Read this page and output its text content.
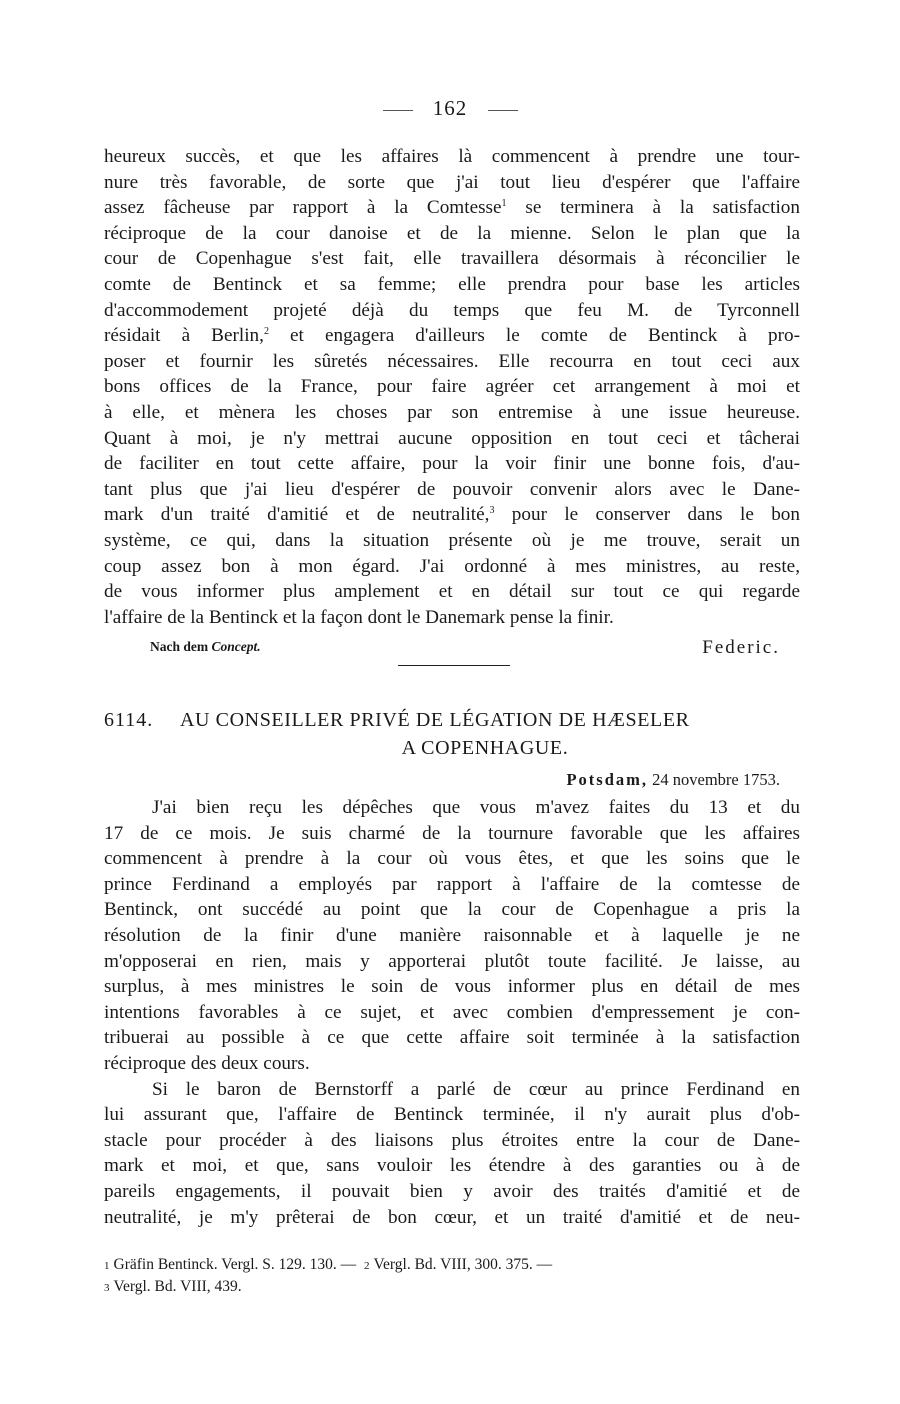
162
heureux succès, et que les affaires là commencent à prendre une tour-
nure très favorable, de sorte que j'ai tout lieu d'espérer que l'affaire
assez fâcheuse par rapport à la Comtesse$^1$ se terminera à la satisfaction
réciproque de la cour danoise et de la mienne. Selon le plan que la
cour de Copenhague s'est fait, elle travaillera désormais à réconcilier le
comte de Bentinck et sa femme; elle prendra pour base les articles
d'accommodement projeté déjà du temps que feu M. de Tyrconnell
résidait à Berlin,$^2$ et engagera d'ailleurs le comte de Bentinck à pro-
poser et fournir les sûretés nécessaires. Elle recourra en tout ceci aux
bons offices de la France, pour faire agréer cet arrangement à moi et
à elle, et mènera les choses par son entremise à une issue heureuse.
Quant à moi, je n'y mettrai aucune opposition en tout ceci et tâcherai
de faciliter en tout cette affaire, pour la voir finir une bonne fois, d'au-
tant plus que j'ai lieu d'espérer de pouvoir convenir alors avec le Dane-
mark d'un traité d'amitié et de neutralité,$^3$ pour le conserver dans le bon
système, ce qui, dans la situation présente où je me trouve, serait un
coup assez bon à mon égard. J'ai ordonné à mes ministres, au reste,
de vous informer plus amplement et en détail sur tout ce qui regarde
l'affaire de la Bentinck et la façon dont le Danemark pense la finir.
Nach dem Concept.	Federic.
6114. AU CONSEILLER PRIVÉ DE LÉGATION DE HÆSELER
A COPENHAGUE.
Potsdam, 24 novembre 1753.
J'ai bien reçu les dépêches que vous m'avez faites du 13 et du
17 de ce mois. Je suis charmé de la tournure favorable que les affaires
commencent à prendre à la cour où vous êtes, et que les soins que le
prince Ferdinand a employés par rapport à l'affaire de la comtesse de
Bentinck, ont succédé au point que la cour de Copenhague a pris la
résolution de la finir d'une manière raisonnable et à laquelle je ne
m'opposerai en rien, mais y apporterai plutôt toute facilité. Je laisse, au
surplus, à mes ministres le soin de vous informer plus en détail de mes
intentions favorables à ce sujet, et avec combien d'empressement je con-
tribuerai au possible à ce que cette affaire soit terminée à la satisfaction
réciproque des deux cours.
Si le baron de Bernstorff a parlé de cœur au prince Ferdinand en
lui assurant que, l'affaire de Bentinck terminée, il n'y aurait plus d'ob-
stacle pour procéder à des liaisons plus étroites entre la cour de Dane-
mark et moi, et que, sans vouloir les étendre à des garanties ou à de
pareils engagements, il pouvait bien y avoir des traités d'amitié et de
neutralité, je m'y prêterai de bon cœur, et un traité d'amitié et de neu-
1 Gräfin Bentinck. Vergl. S. 129. 130. — 2 Vergl. Bd. VIII, 300. 375. —
3 Vergl. Bd. VIII, 439.
